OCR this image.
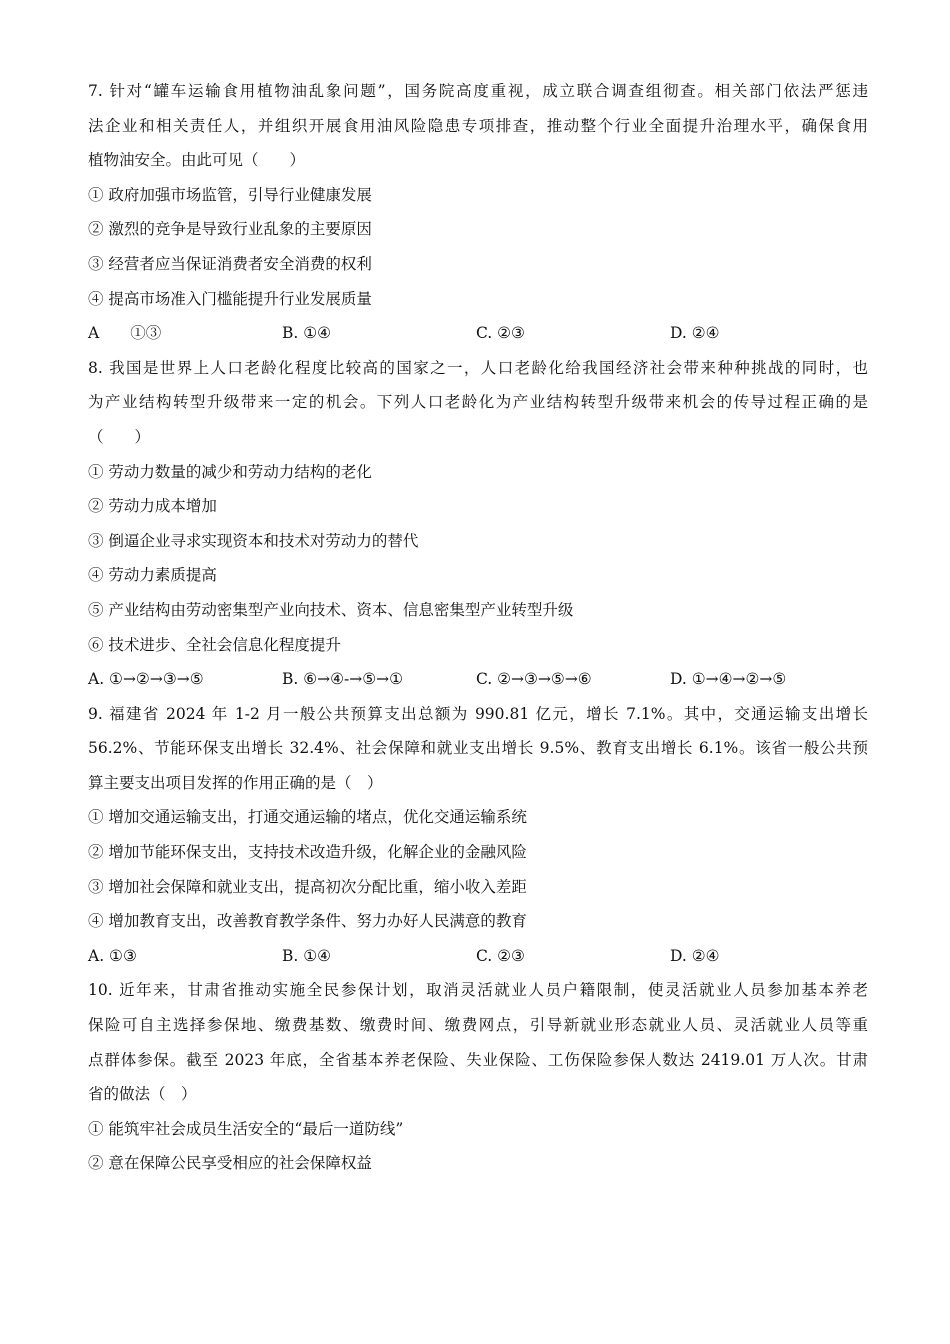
7. 针对“罐车运输食用植物油乱象问题”，国务院高度重视，成立联合调查组彻查。相关部门依法严惩违
法企业和相关责任人，并组织开展食用油风险隐患专项排查，推动整个行业全面提升治理水平，确保食用
植物油安全。由此可见（　　）
① 政府加强市场监管，引导行业健康发展
② 激烈的竞争是导致行业乱象的主要原因
③ 经营者应当保证消费者安全消费的权利
④ 提高市场准入门槛能提升行业发展质量
A　　①③	B. ①④	C. ②③	D. ②④
8. 我国是世界上人口老龄化程度比较高的国家之一，人口老龄化给我国经济社会带来种种挑战的同时，也
为产业结构转型升级带来一定的机会。下列人口老龄化为产业结构转型升级带来机会的传导过程正确的是
（　　）
① 劳动力数量的减少和劳动力结构的老化
② 劳动力成本增加
③ 倒逼企业寻求实现资本和技术对劳动力的替代
④ 劳动力素质提高
⑤ 产业结构由劳动密集型产业向技术、资本、信息密集型产业转型升级
⑥ 技术进步、全社会信息化程度提升
A. ①→②→③→⑤	B. ⑥→④-→⑤→①	C. ②→③→⑤→⑥	D. ①→④→②→⑤
9. 福建省 2024 年 1-2 月一般公共预算支出总额为 990.81 亿元，增长 7.1%。其中，交通运输支出增长
56.2%、节能环保支出增长 32.4%、社会保障和就业支出增长 9.5%、教育支出增长 6.1%。该省一般公共预
算主要支出项目发挥的作用正确的是（　）
① 增加交通运输支出，打通交通运输的堵点，优化交通运输系统
② 增加节能环保支出，支持技术改造升级，化解企业的金融风险
③ 增加社会保障和就业支出，提高初次分配比重，缩小收入差距
④ 增加教育支出，改善教育教学条件、努力办好人民满意的教育
A. ①③	B. ①④	C. ②③	D. ②④
10. 近年来，甘肃省推动实施全民参保计划，取消灵活就业人员户籍限制，使灵活就业人员参加基本养老
保险可自主选择参保地、缴费基数、缴费时间、缴费网点，引导新就业形态就业人员、灵活就业人员等重
点群体参保。截至 2023 年底，全省基本养老保险、失业保险、工伤保险参保人数达 2419.01 万人次。甘肃
省的做法（　）
① 能筑牢社会成员生活安全的“最后一道防线”
② 意在保障公民享受相应的社会保障权益
